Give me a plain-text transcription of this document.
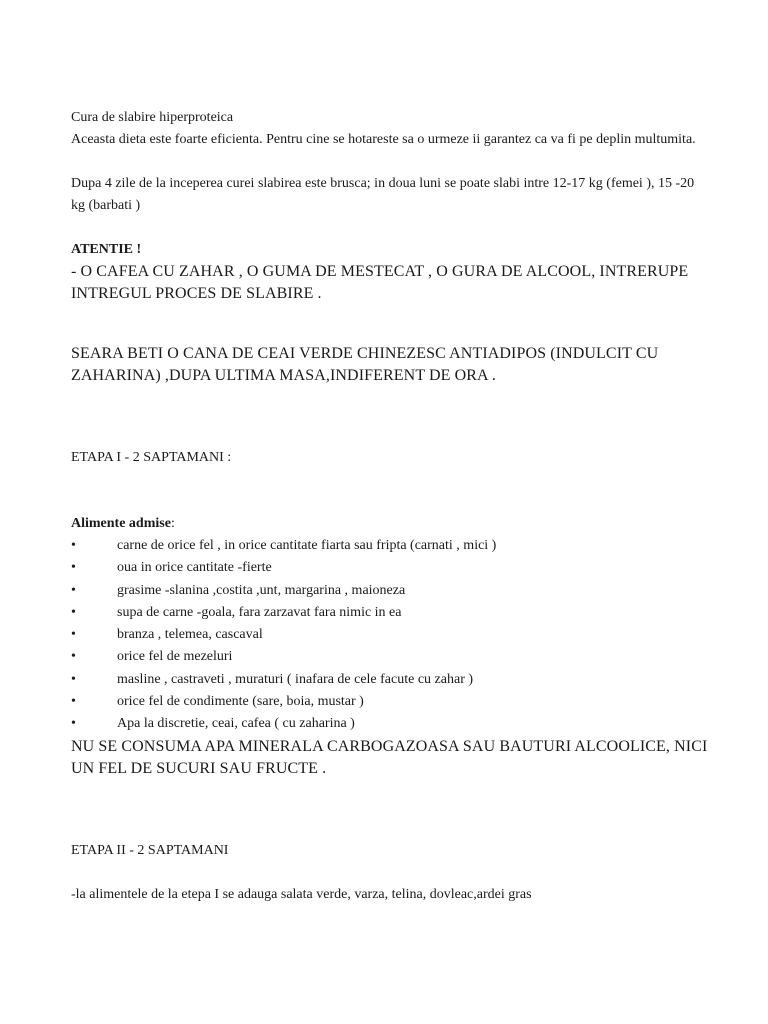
Cura de slabire hiperproteica

Aceasta dieta este foarte eficienta. Pentru cine se hotareste sa o urmeze ii garantez ca va fi pe deplin multumita.

Dupa 4 zile de la inceperea curei slabirea este brusca; in doua luni se poate slabi intre 12-17 kg (femei ), 15 -20 kg (barbati )

ATENTIE !

- O CAFEA CU ZAHAR , O GUMA DE MESTECAT , O GURA DE ALCOOL, INTRERUPE INTREGUL PROCES DE SLABIRE .

SEARA BETI O CANA DE CEAI VERDE CHINEZESC ANTIADIPOS (INDULCIT CU ZAHARINA) ,DUPA ULTIMA MASA,INDIFERENT DE ORA .

ETAPA I - 2 SAPTAMANI :

Alimente admise:

•	carne de orice fel , in orice cantitate fiarta sau fripta (carnati , mici )
•	oua in orice cantitate -fierte
•	grasime -slanina ,costita ,unt, margarina , maioneza
•	supa de carne -goala, fara zarzavat fara nimic in ea
•	branza , telemea, cascaval
•	orice fel de mezeluri
•	masline , castraveti , muraturi ( inafara de cele facute cu zahar )
•	orice fel de condimente (sare, boia, mustar )
•	Apa la discretie, ceai, cafea ( cu zaharina )

NU SE CONSUMA APA MINERALA CARBOGAZOASA SAU BAUTURI ALCOOLICE, NICI UN FEL DE SUCURI SAU FRUCTE .

ETAPA II - 2 SAPTAMANI

-la alimentele de la etepa I se adauga salata verde, varza, telina, dovleac,ardei gras
